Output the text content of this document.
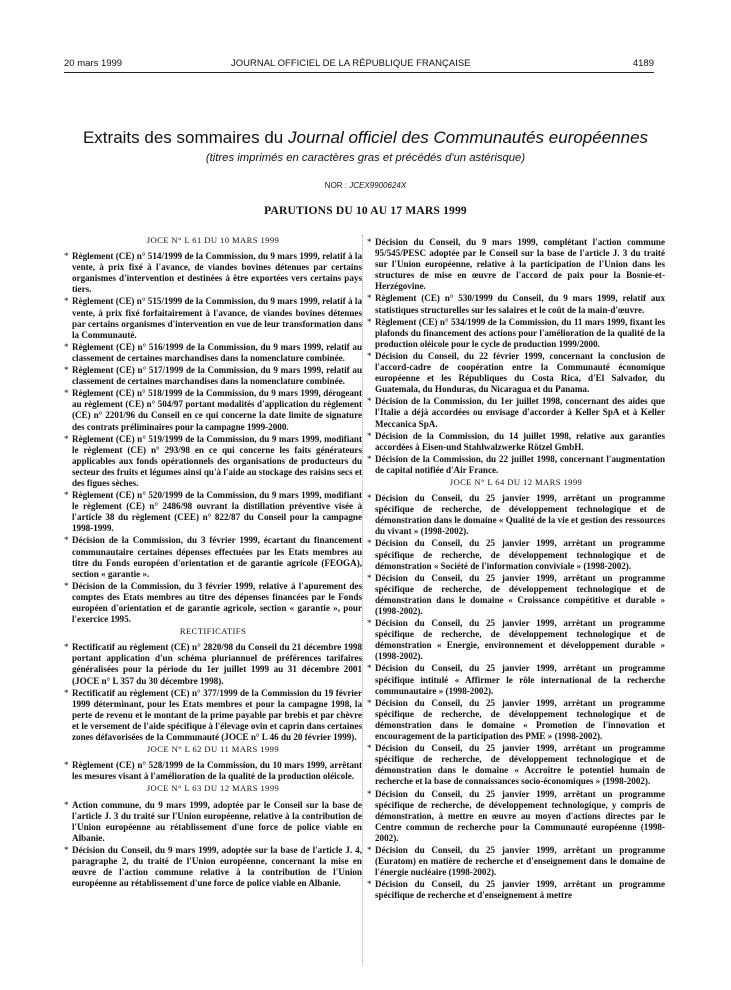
20 mars 1999	JOURNAL OFFICIEL DE LA RÉPUBLIQUE FRANÇAISE	4189
Extraits des sommaires du Journal officiel des Communautés européennes
(titres imprimés en caractères gras et précédés d'un astérisque)
NOR : JCEX9900624X
PARUTIONS DU 10 AU 17 MARS 1999
JOCE N° L 61 DU 10 MARS 1999
* Règlement (CE) n° 514/1999 de la Commission, du 9 mars 1999, relatif à la vente, à prix fixé à l'avance, de viandes bovines détenues par certains organismes d'intervention et destinées à être exportées vers certains pays tiers.
* Règlement (CE) n° 515/1999 de la Commission, du 9 mars 1999, relatif à la vente, à prix fixé forfaitairement à l'avance, de viandes bovines détenues par certains organismes d'intervention en vue de leur transformation dans la Communauté.
* Règlement (CE) n° 516/1999 de la Commission, du 9 mars 1999, relatif au classement de certaines marchandises dans la nomenclature combinée.
* Règlement (CE) n° 517/1999 de la Commission, du 9 mars 1999, relatif au classement de certaines marchandises dans la nomenclature combinée.
* Règlement (CE) n° 518/1999 de la Commission, du 9 mars 1999, dérogeant au règlement (CE) n° 504/97 portant modalités d'application du règlement (CE) n° 2201/96 du Conseil en ce qui concerne la date limite de signature des contrats préliminaires pour la campagne 1999-2000.
* Règlement (CE) n° 519/1999 de la Commission, du 9 mars 1999, modifiant le règlement (CE) n° 293/98 en ce qui concerne les faits générateurs applicables aux fonds opérationnels des organisations de producteurs du secteur des fruits et légumes ainsi qu'à l'aide au stockage des raisins secs et des figues sèches.
* Règlement (CE) n° 520/1999 de la Commission, du 9 mars 1999, modifiant le règlement (CE) n° 2486/98 ouvrant la distillation préventive visée à l'article 38 du règlement (CEE) n° 822/87 du Conseil pour la campagne 1998-1999.
* Décision de la Commission, du 3 février 1999, écartant du financement communautaire certaines dépenses effectuées par les Etats membres au titre du Fonds européen d'orientation et de garantie agricole (FEOGA), section « garantie ».
* Décision de la Commission, du 3 février 1999, relative à l'apurement des comptes des Etats membres au titre des dépenses financées par le Fonds européen d'orientation et de garantie agricole, section « garantie », pour l'exercice 1995.
RECTIFICATIFS
* Rectificatif au règlement (CE) n° 2820/98 du Conseil du 21 décembre 1998 portant application d'un schéma pluriannuel de préférences tarifaires généralisées pour la période du 1er juillet 1999 au 31 décembre 2001 (JOCE n° L 357 du 30 décembre 1998).
* Rectificatif au règlement (CE) n° 377/1999 de la Commission du 19 février 1999 déterminant, pour les Etats membres et pour la campagne 1998, la perte de revenu et le montant de la prime payable par brebis et par chèvre et le versement de l'aide spécifique à l'élevage ovin et caprin dans certaines zones défavorisées de la Communauté (JOCE n° L 46 du 20 février 1999).
JOCE N° L 62 DU 11 MARS 1999
* Règlement (CE) n° 528/1999 de la Commission, du 10 mars 1999, arrêtant les mesures visant à l'amélioration de la qualité de la production oléicole.
JOCE N° L 63 DU 12 MARS 1999
* Action commune, du 9 mars 1999, adoptée par le Conseil sur la base de l'article J. 3 du traité sur l'Union européenne, relative à la contribution de l'Union européenne au rétablissement d'une force de police viable en Albanie.
* Décision du Conseil, du 9 mars 1999, adoptée sur la base de l'article J. 4, paragraphe 2, du traité de l'Union européenne, concernant la mise en œuvre de l'action commune relative à la contribution de l'Union européenne au rétablissement d'une force de police viable en Albanie.
* Décision du Conseil, du 9 mars 1999, complétant l'action commune 95/545/PESC adoptée par le Conseil sur la base de l'article J. 3 du traité sur l'Union européenne, relative à la participation de l'Union dans les structures de mise en œuvre de l'accord de paix pour la Bosnie-et-Herzégovine.
* Règlement (CE) n° 530/1999 du Conseil, du 9 mars 1999, relatif aux statistiques structurelles sur les salaires et le coût de la main-d'œuvre.
* Règlement (CE) n° 534/1999 de la Commission, du 11 mars 1999, fixant les plafonds du financement des actions pour l'amélioration de la qualité de la production oléicole pour le cycle de production 1999/2000.
* Décision du Conseil, du 22 février 1999, concernant la conclusion de l'accord-cadre de coopération entre la Communauté économique européenne et les Républiques du Costa Rica, d'El Salvador, du Guatemala, du Honduras, du Nicaragua et du Panama.
* Décision de la Commission, du 1er juillet 1998, concernant des aides que l'Italie a déjà accordées ou envisage d'accorder à Keller SpA et à Keller Meccanica SpA.
* Décision de la Commission, du 14 juillet 1998, relative aux garanties accordées à Eisen-und Stahlwalzwerke Rötzel GmbH.
* Décision de la Commission, du 22 juillet 1998, concernant l'augmentation de capital notifiée d'Air France.
JOCE N° L 64 DU 12 MARS 1999
* Décision du Conseil, du 25 janvier 1999, arrêtant un programme spécifique de recherche, de développement technologique et de démonstration dans le domaine « Qualité de la vie et gestion des ressources du vivant » (1998-2002).
* Décision du Conseil, du 25 janvier 1999, arrêtant un programme spécifique de recherche, de développement technologique et de démonstration « Société de l'information conviviale » (1998-2002).
* Décision du Conseil, du 25 janvier 1999, arrêtant un programme spécifique de recherche, de développement technologique et de démonstration dans le domaine « Croissance compétitive et durable » (1998-2002).
* Décision du Conseil, du 25 janvier 1999, arrêtant un programme spécifique de recherche, de développement technologique et de démonstration « Energie, environnement et développement durable » (1998-2002).
* Décision du Conseil, du 25 janvier 1999, arrêtant un programme spécifique intitulé « Affirmer le rôle international de la recherche communautaire » (1998-2002).
* Décision du Conseil, du 25 janvier 1999, arrêtant un programme spécifique de recherche, de développement technologique et de démonstration dans le domaine « Promotion de l'innovation et encouragement de la participation des PME » (1998-2002).
* Décision du Conseil, du 25 janvier 1999, arrêtant un programme spécifique de recherche, de développement technologique et de démonstration dans le domaine « Accroître le potentiel humain de recherche et la base de connaissances socio-économiques » (1998-2002).
* Décision du Conseil, du 25 janvier 1999, arrêtant un programme spécifique de recherche, de développement technologique, y compris de démonstration, à mettre en œuvre au moyen d'actions directes par le Centre commun de recherche pour la Communauté européenne (1998-2002).
* Décision du Conseil, du 25 janvier 1999, arrêtant un programme (Euratom) en matière de recherche et d'enseignement dans le domaine de l'énergie nucléaire (1998-2002).
* Décision du Conseil, du 25 janvier 1999, arrêtant un programme spécifique de recherche et d'enseignement à mettre
